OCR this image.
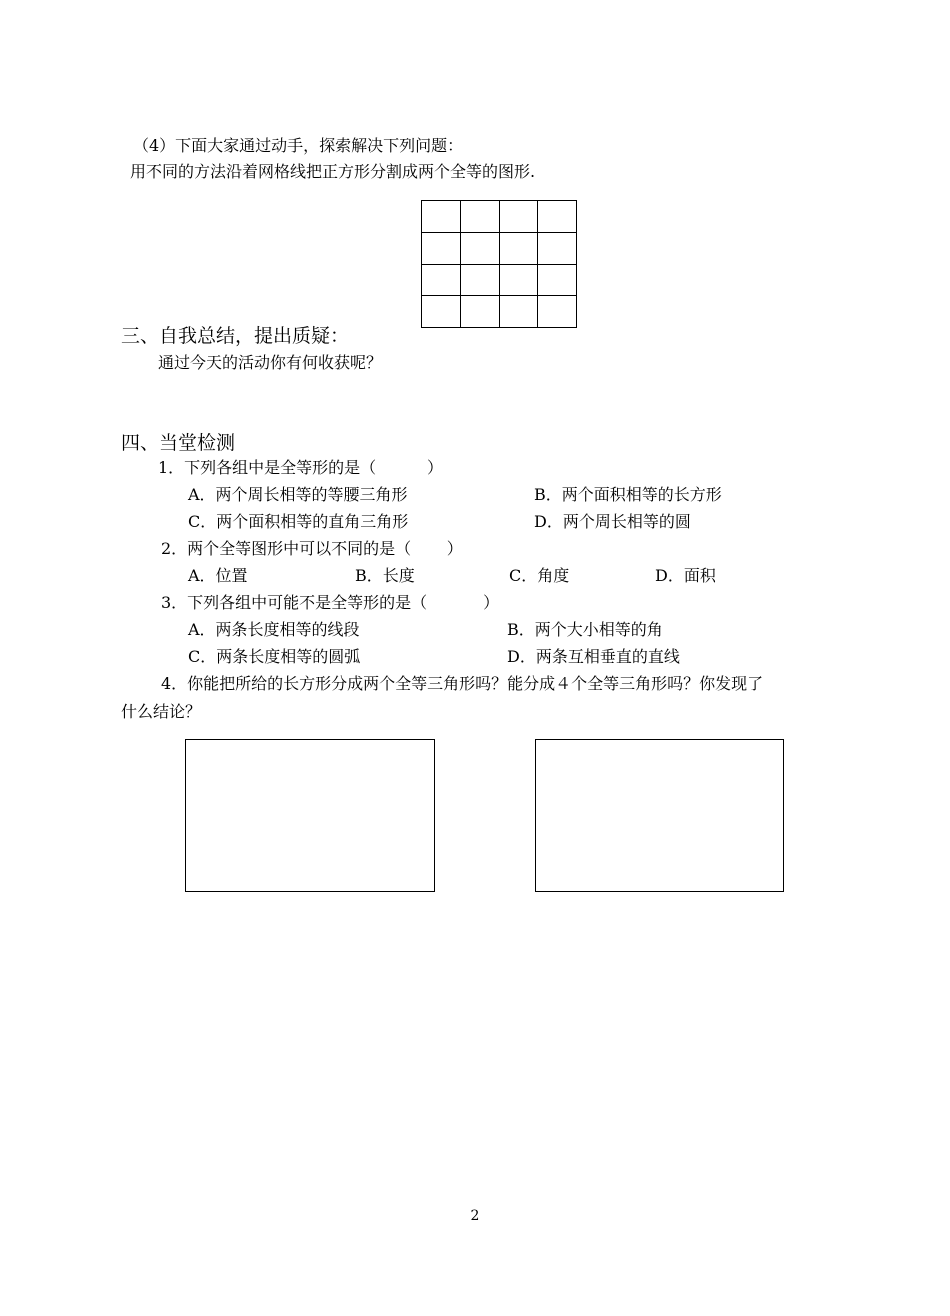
（4）下面大家通过动手，探索解决下列问题：
用不同的方法沿着网格线把正方形分割成两个全等的图形.
三、自我总结，提出质疑：
通过今天的活动你有何收获呢？
四、当堂检测
1．下列各组中是全等形的是（          ）
A．两个周长相等的等腰三角形	B．两个面积相等的长方形
C．两个面积相等的直角三角形	D．两个周长相等的圆
2．两个全等图形中可以不同的是（       ）
A．位置	B．长度	C．角度	D．面积
3．下列各组中可能不是全等形的是（           ）
A．两条长度相等的线段	B．两个大小相等的角
C．两条长度相等的圆弧	D．两条互相垂直的直线
4．你能把所给的长方形分成两个全等三角形吗？能分成４个全等三角形吗？你发现了
什么结论？
2
